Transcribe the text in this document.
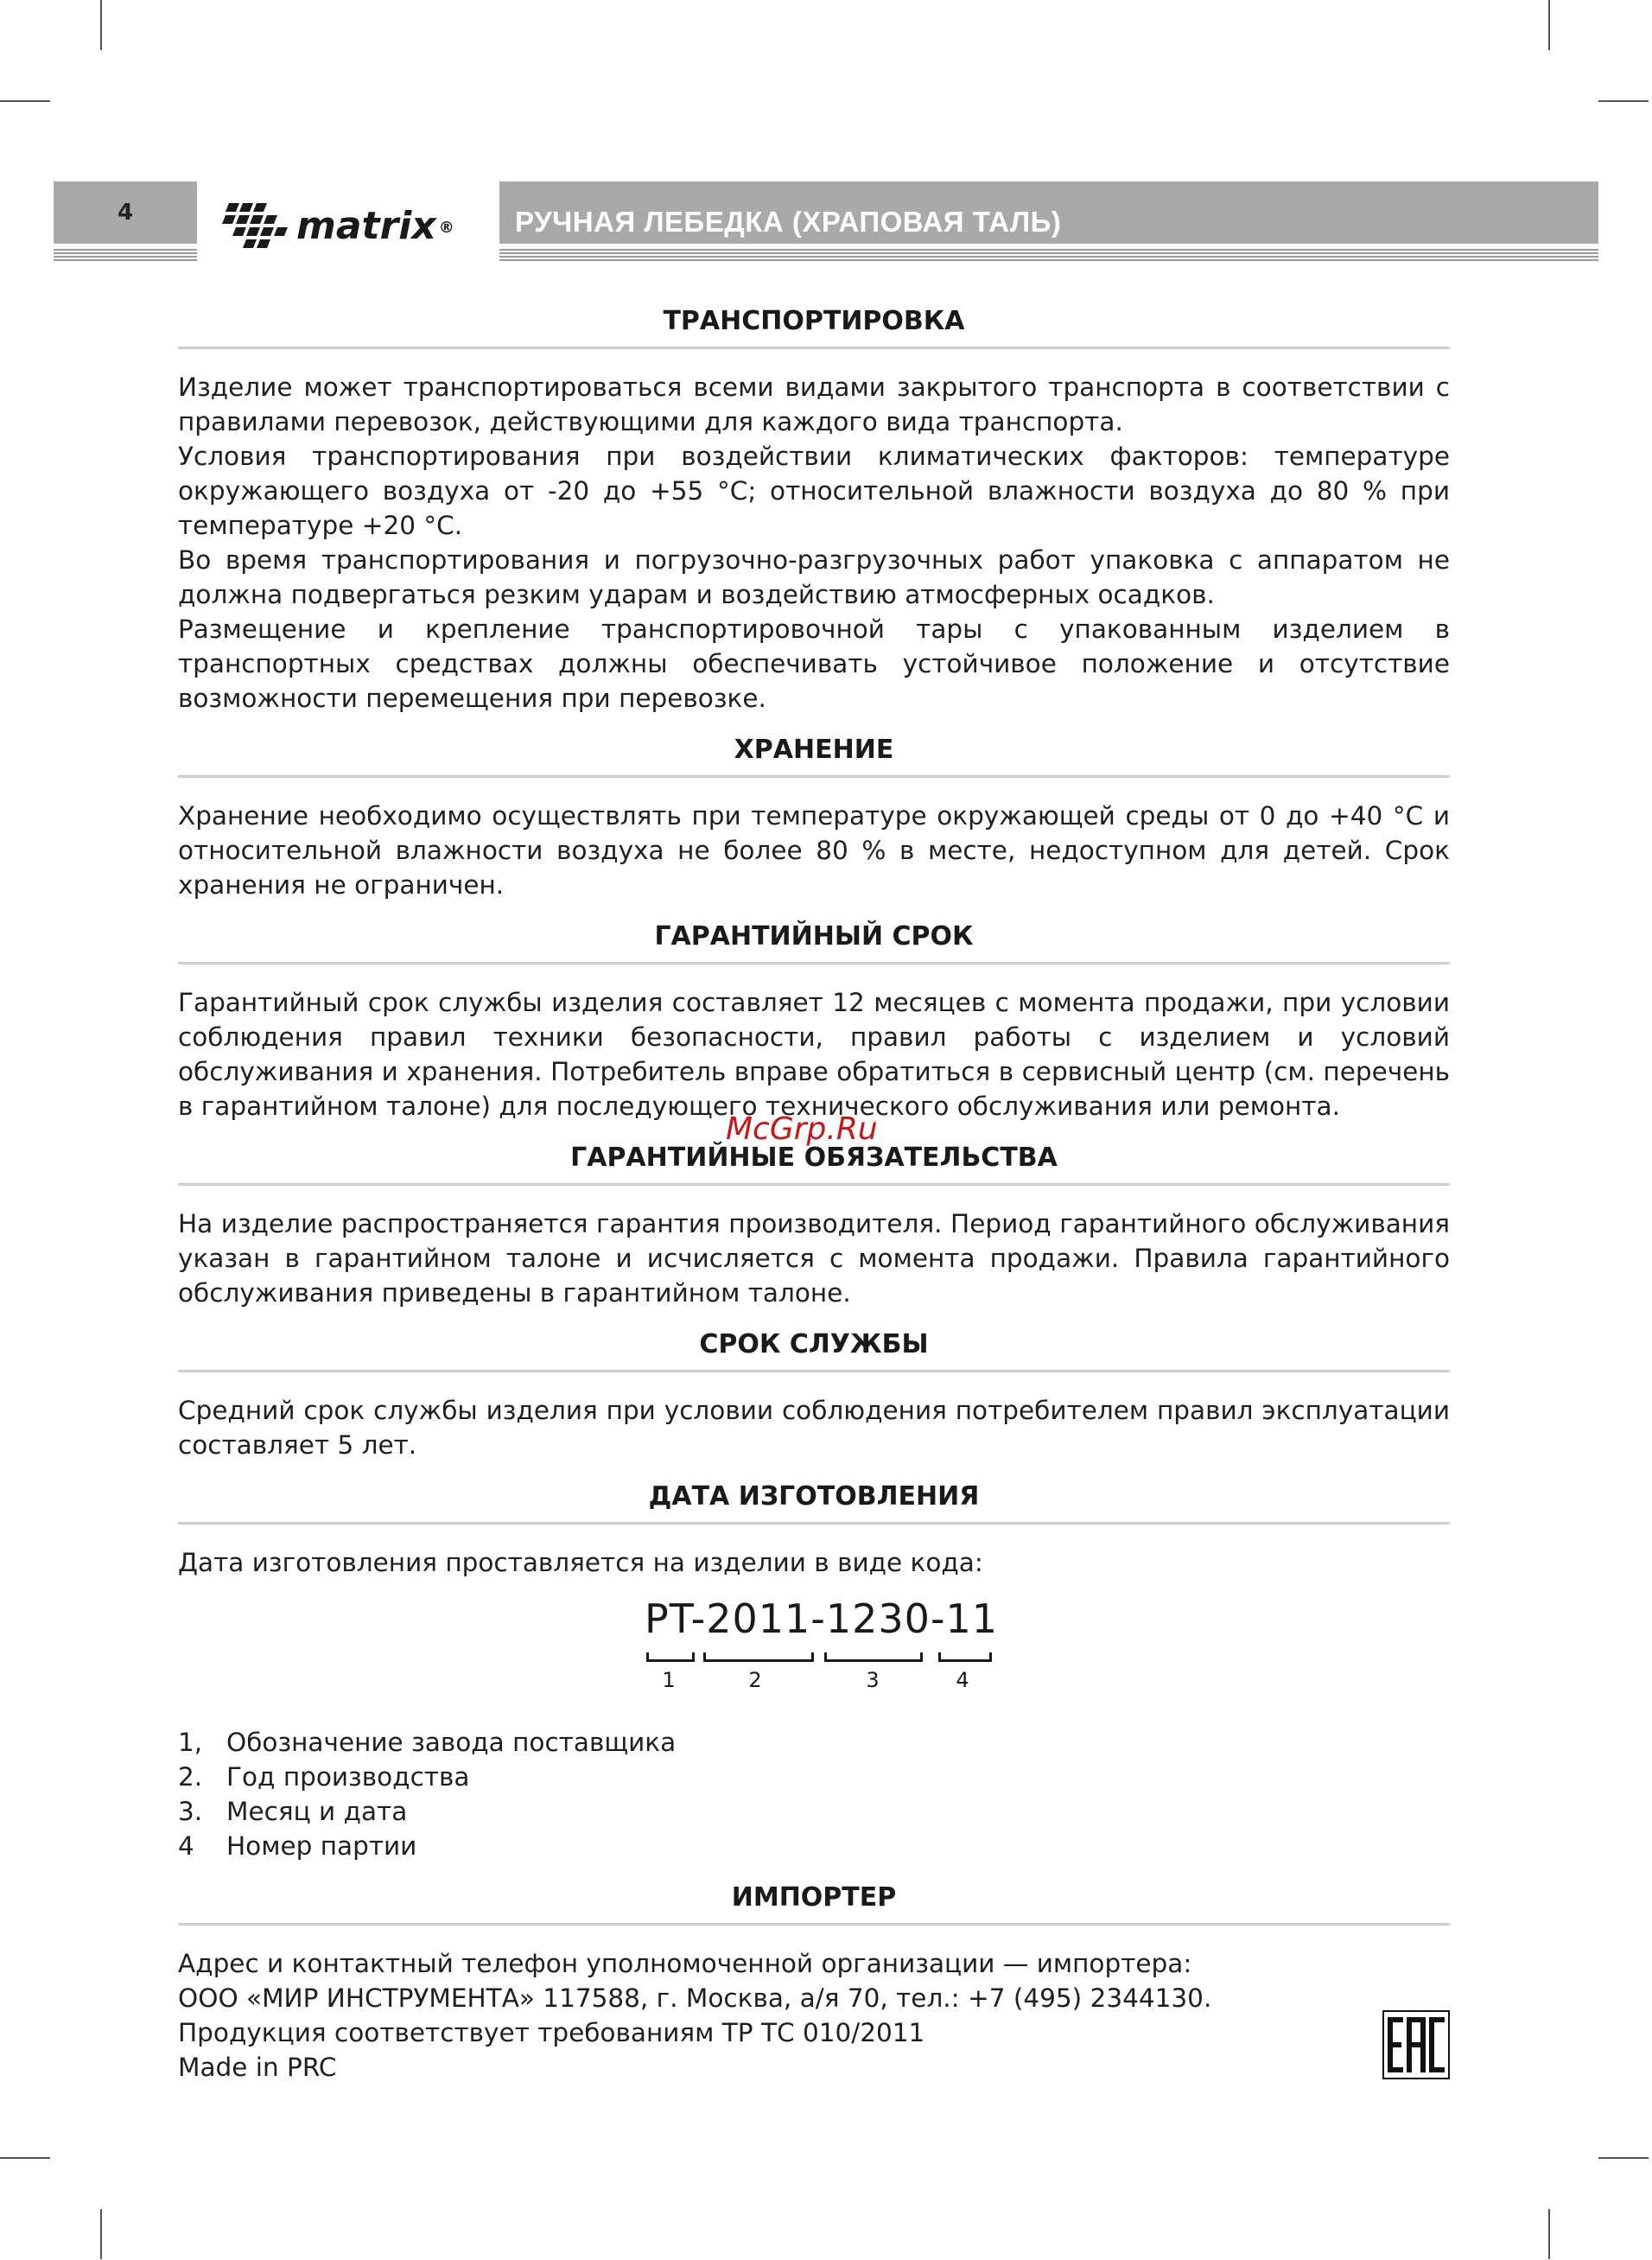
4	matrix ® РУЧНАЯ ЛЕБЕДКА (ХРАПОВАЯ ТАЛЬ)
ТРАНСПОРТИРОВКА

Изделие может транспортироваться всеми видами закрытого транспорта в соответствии с правилами перевозок, действующими для каждого вида транспорта.

Условия транспортирования при воздействии климатических факторов: температуре окружающего воздуха от -20 до +55 °C; относительной влажности воздуха до 80 % при температуре +20 °C.

Во время транспортирования и погрузочно-разгрузочных работ упаковка с аппаратом не должна подвергаться резким ударам и воздействию атмосферных осадков.

Размещение и крепление транспортировочной тары с упакованным изделием в транспортных средствах должны обеспечивать устойчивое положение и отсутствие возможности перемещения при перевозке.

ХРАНЕНИЕ

Хранение необходимо осуществлять при температуре окружающей среды от 0 до +40 °C и относительной влажности воздуха не более 80 % в месте, недоступном для детей. Срок хранения не ограничен.

ГАРАНТИЙНЫЙ СРОК

Гарантийный срок службы изделия составляет 12 месяцев с момента продажи, при условии соблюдения правил техники безопасности, правил работы с изделием и условий обслуживания и хранения. Потребитель вправе обратиться в сервисный центр (см. перечень в гарантийном талоне) для последующего технического обслуживания или ремонта.

ГАРАНТИЙНЫЕ ОБЯЗАТЕЛЬСТВА

На изделие распространяется гарантия производителя. Период гарантийного обслуживания указан в гарантийном талоне и исчисляется с момента продажи. Правила гарантийного обслуживания приведены в гарантийном талоне.

СРОК СЛУЖБЫ

Средний срок службы изделия при условии соблюдения потребителем правил эксплуатации составляет 5 лет.

ДАТА ИЗГОТОВЛЕНИЯ

Дата изготовления проставляется на изделии в виде кода:

PT-2011-1230-11
1	2	3	4
1, Обозначение завода поставщика
2. Год производства
3. Месяц и дата
4	Номер партии
ИМПОРТЕР

Адрес и контактный телефон уполномоченной организации — импортера:

ООО «МИР ИНСТРУМЕНТА» 117588, г. Москва, а/я 70, тел.: +7 (495) 2344130.

Продукция соответствует требованиям ТР ТС 010/2011

Made in PRC

McGrp.Ru
